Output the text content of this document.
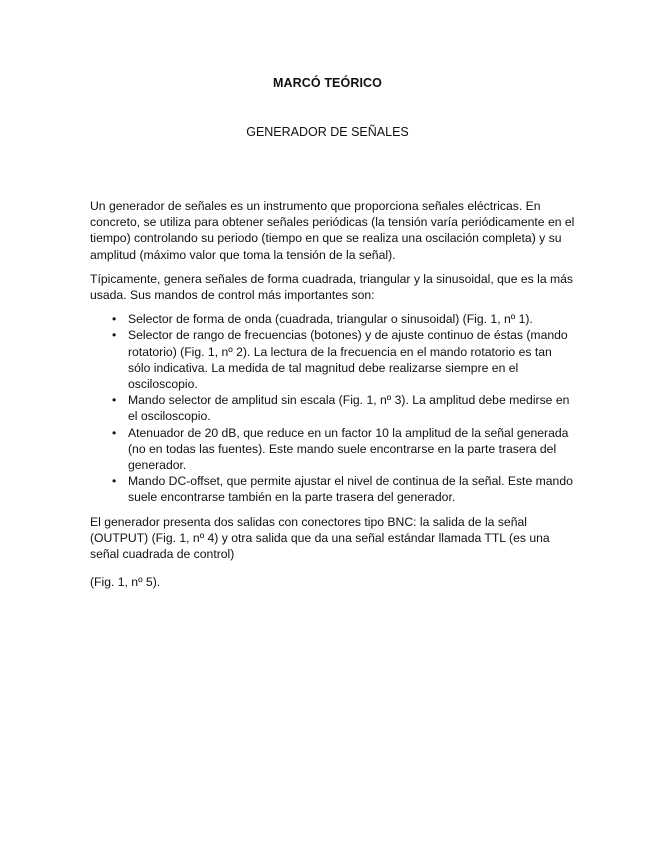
MARCÓ TEÓRICO
GENERADOR DE SEÑALES

Un generador de señales es un instrumento que proporciona señales eléctricas. En concreto, se utiliza para obtener señales periódicas (la tensión varía periódicamente en el tiempo) controlando su periodo (tiempo en que se realiza una oscilación completa) y su amplitud (máximo valor que toma la tensión de la señal).

Típicamente, genera señales de forma cuadrada, triangular y la sinusoidal, que es la más usada. Sus mandos de control más importantes son:

• Selector de forma de onda (cuadrada, triangular o sinusoidal) (Fig. 1, nº 1).
• Selector de rango de frecuencias (botones) y de ajuste continuo de éstas (mando rotatorio) (Fig. 1, nº 2). La lectura de la frecuencia en el mando rotatorio es tan sólo indicativa. La medida de tal magnitud debe realizarse siempre en el osciloscopio.
• Mando selector de amplitud sin escala (Fig. 1, nº 3). La amplitud debe medirse en el osciloscopio.
• Atenuador de 20 dB, que reduce en un factor 10 la amplitud de la señal generada (no en todas las fuentes). Este mando suele encontrarse en la parte trasera del generador.
• Mando DC-offset, que permite ajustar el nivel de continua de la señal. Este mando suele encontrarse también en la parte trasera del generador.

El generador presenta dos salidas con conectores tipo BNC: la salida de la señal (OUTPUT) (Fig. 1, nº 4) y otra salida que da una señal estándar llamada TTL (es una señal cuadrada de control)

(Fig. 1, nº 5).
